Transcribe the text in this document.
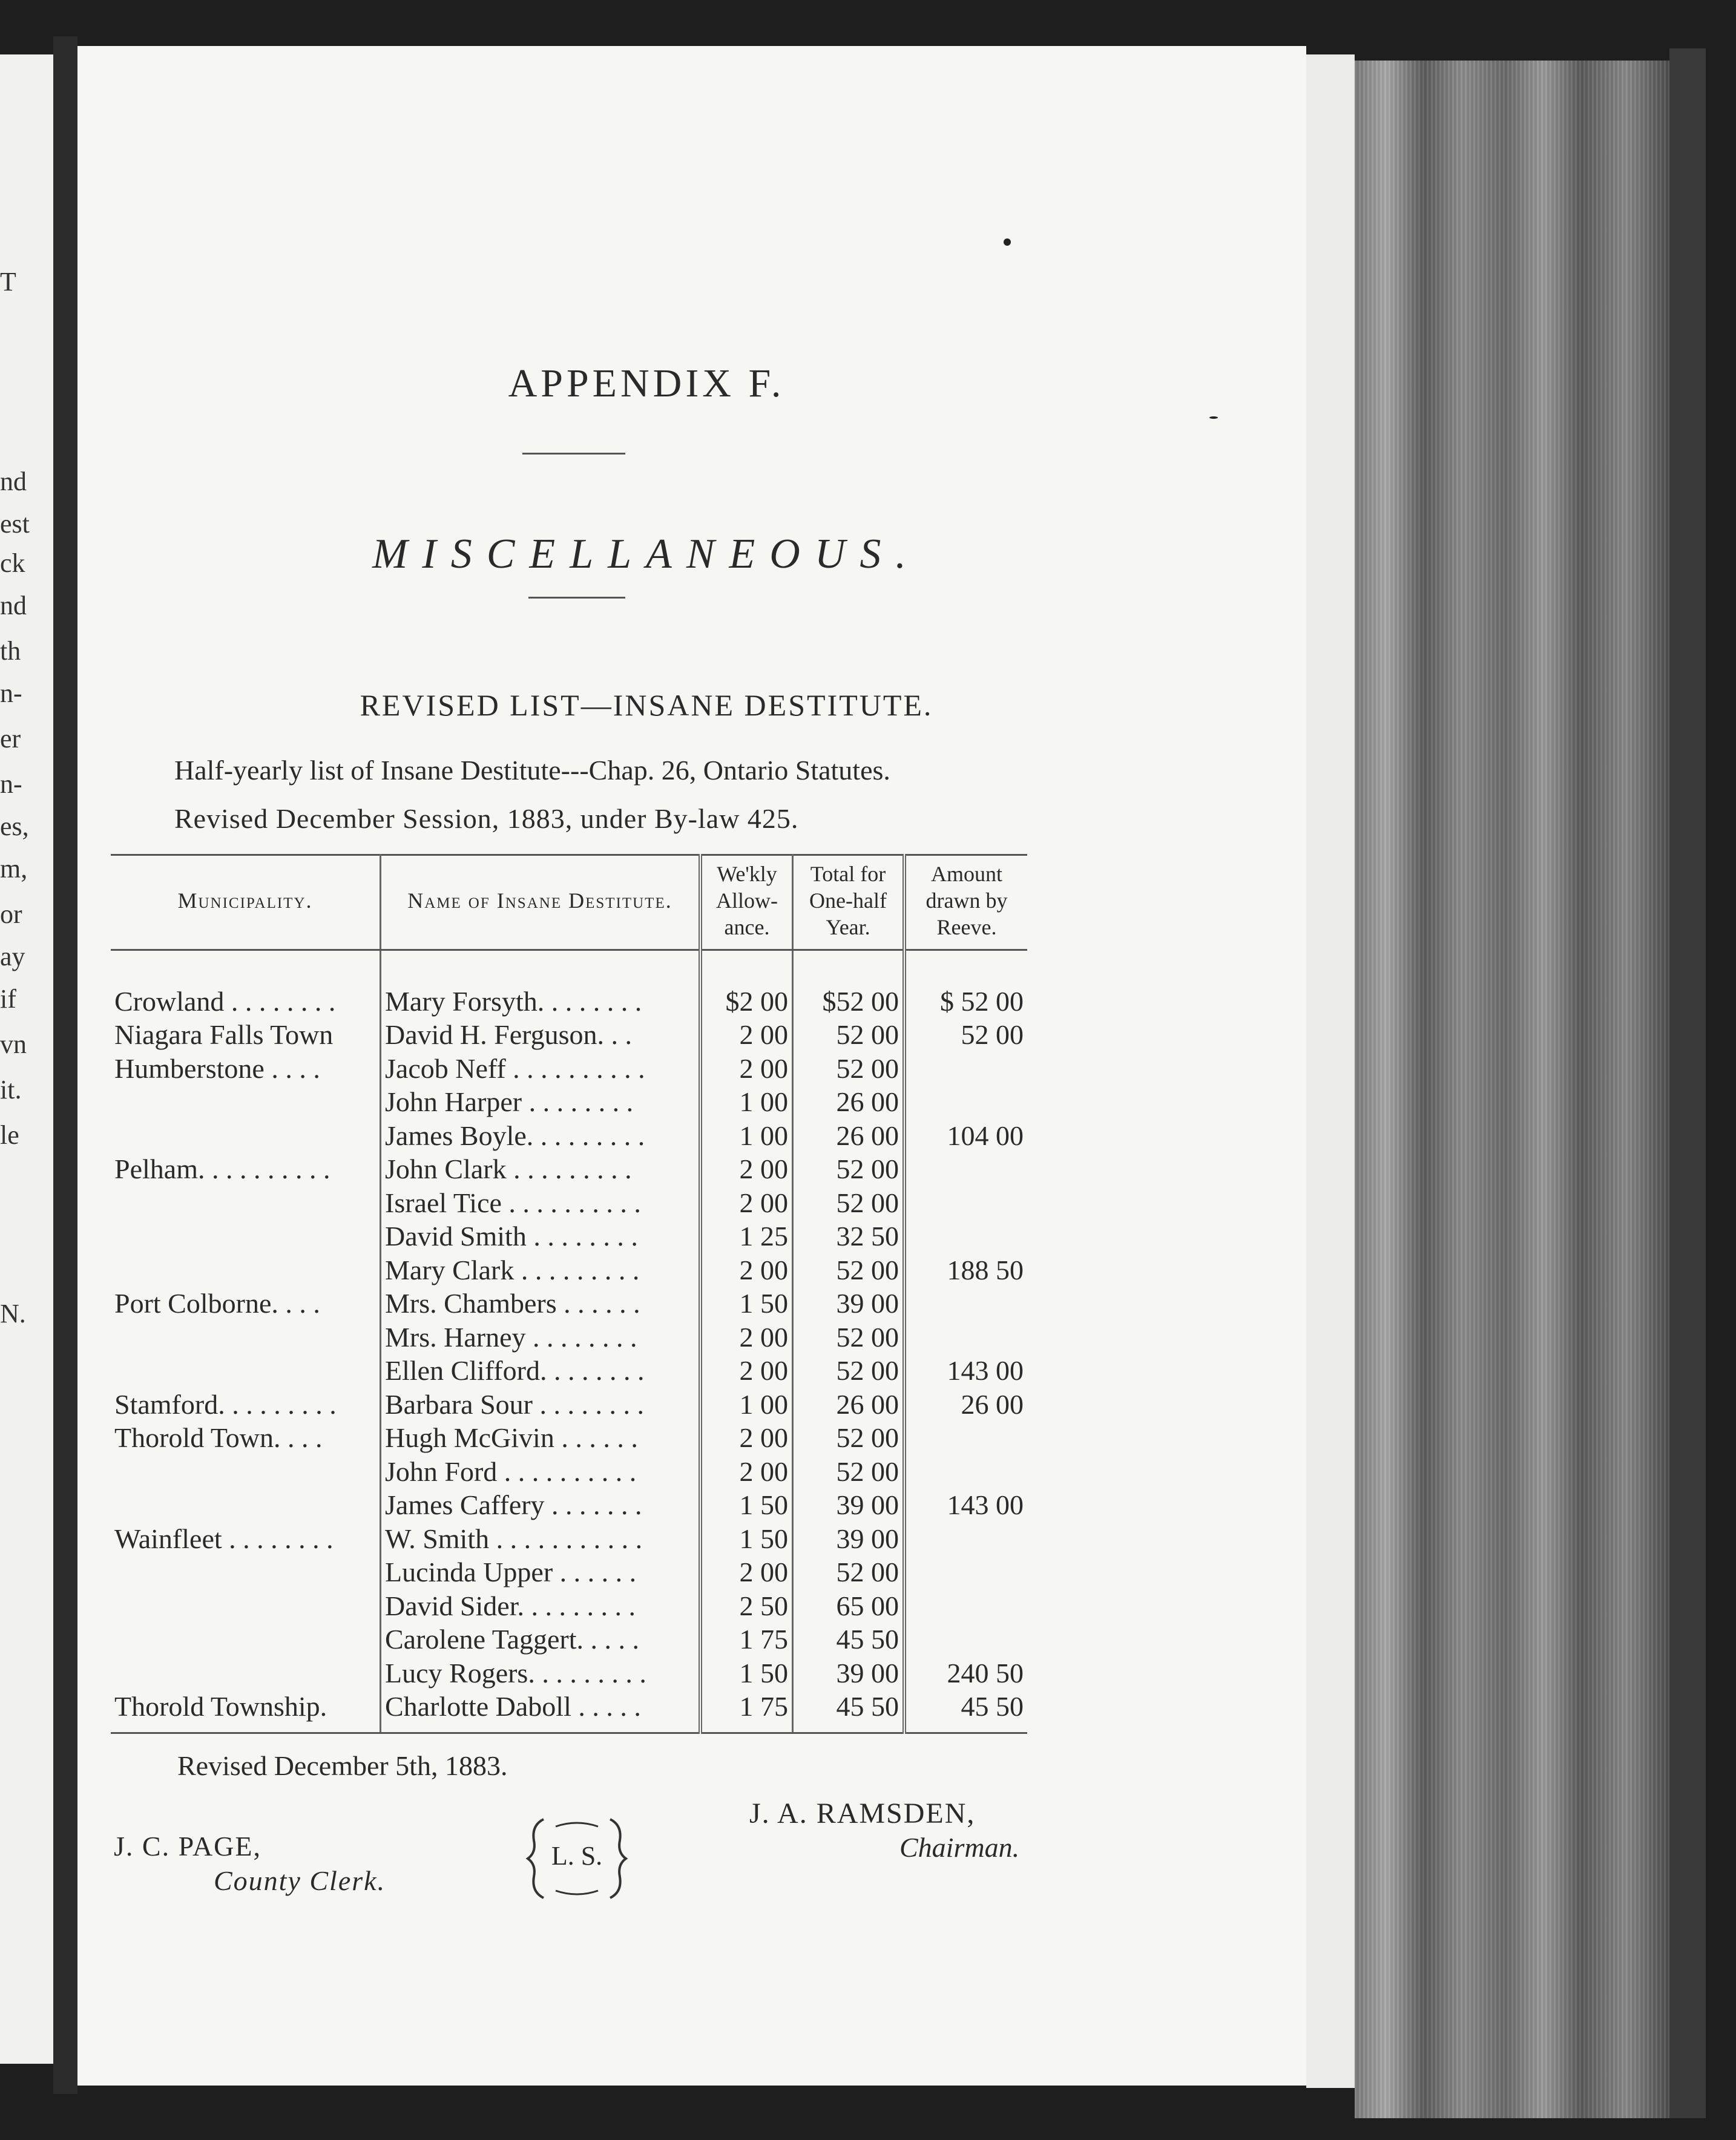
T
nd
est
ck
nd
th
n-
er
n-
es,
m,
or
ay
if
vn
it.
le
N.
APPENDIX F.
MISCELLANEOUS.
REVISED LIST—INSANE DESTITUTE.
Half-yearly list of Insane Destitute---Chap. 26, Ontario Statutes.
Revised December Session, 1883, under By-law 425.
Municipality.	Name of Insane Destitute.	We'kly Allow-ance.	Total for One-half Year.	Amount drawn by Reeve.

Crowland . . . . . . . .	Mary Forsyth. . . . . . . .	$2 00	$52 00	$ 52 00
Niagara Falls Town	David H. Ferguson. . .	2 00	52 00	52 00
Humberstone . . . .	Jacob Neff . . . . . . . . . .	2 00	52 00	
	John Harper . . . . . . . .	1 00	26 00	
	James Boyle. . . . . . . . .	1 00	26 00	104 00
Pelham. . . . . . . . . .	John Clark . . . . . . . . .	2 00	52 00	
	Israel Tice . . . . . . . . . .	2 00	52 00	
	David Smith . . . . . . . .	1 25	32 50	
	Mary Clark . . . . . . . . .	2 00	52 00	188 50
Port Colborne. . . .	Mrs. Chambers . . . . . .	1 50	39 00	
	Mrs. Harney . . . . . . . .	2 00	52 00	
	Ellen Clifford. . . . . . . .	2 00	52 00	143 00
Stamford. . . . . . . . .	Barbara Sour . . . . . . . .	1 00	26 00	26 00
Thorold Town. . . .	Hugh McGivin . . . . . .	2 00	52 00	
	John Ford . . . . . . . . . .	2 00	52 00	
	James Caffery . . . . . . .	1 50	39 00	143 00
Wainfleet . . . . . . . .	W. Smith . . . . . . . . . . .	1 50	39 00	
	Lucinda Upper . . . . . .	2 00	52 00	
	David Sider. . . . . . . . .	2 50	65 00	
	Carolene Taggert. . . . .	1 75	45 50	
	Lucy Rogers. . . . . . . . .	1 50	39 00	240 50
Thorold Township.	Charlotte Daboll . . . . .	1 75	45 50	45 50
Revised December 5th, 1883.
J. A. RAMSDEN,
Chairman.
J. C. PAGE,
County Clerk.
L. S.
